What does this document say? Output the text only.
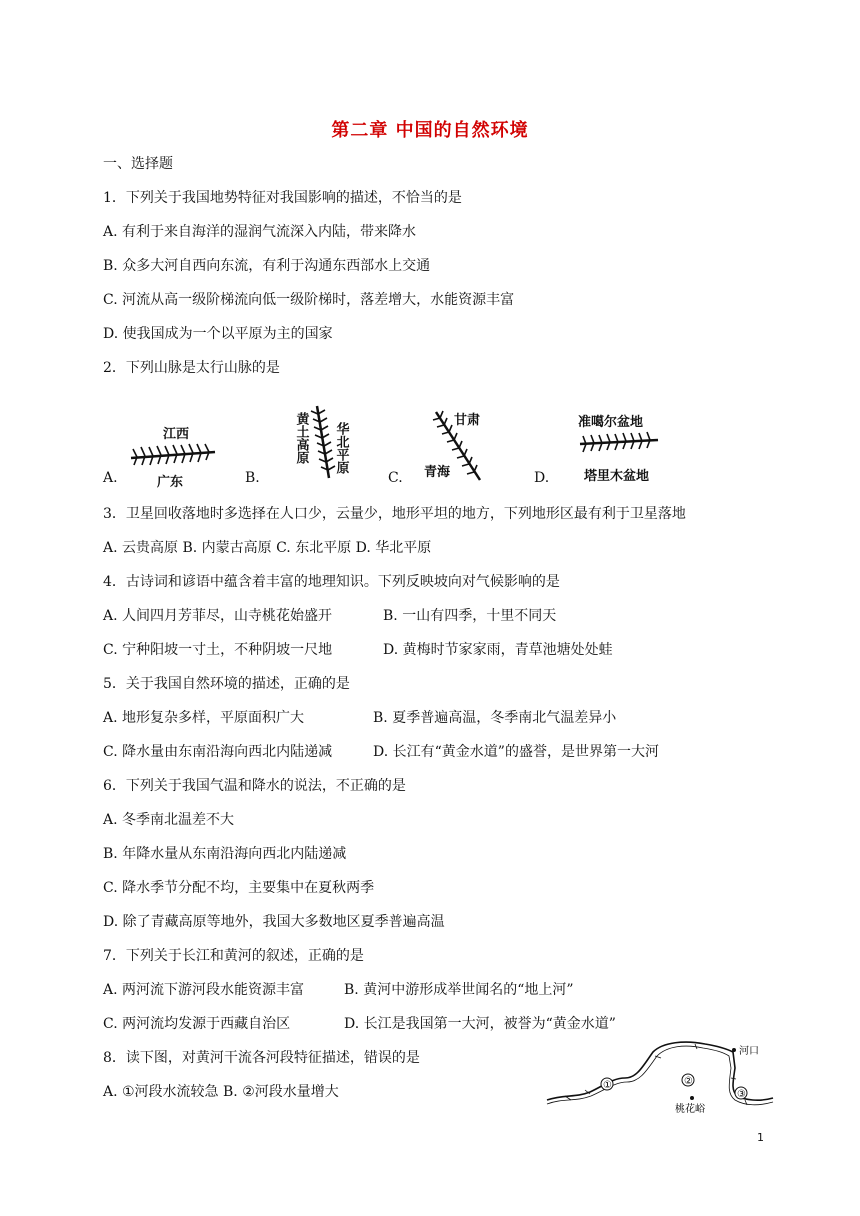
第二章 中国的自然环境
一、选择题
1．下列关于我国地势特征对我国影响的描述，不恰当的是
A. 有利于来自海洋的湿润气流深入内陆，带来降水
B. 众多大河自西向东流，有利于沟通东西部水上交通
C. 河流从高一级阶梯流向低一级阶梯时，落差增大，水能资源丰富
D. 使我国成为一个以平原为主的国家
2．下列山脉是太行山脉的是
A.
江西
广东	B.
黄土高原 华北平原
C.
甘肃
青海	D.
准噶尔盆地
塔里木盆地
3．卫星回收落地时多选择在人口少，云量少，地形平坦的地方，下列地形区最有利于卫星落地
A. 云贵高原 B. 内蒙古高原 C. 东北平原 D. 华北平原
4．古诗词和谚语中蕴含着丰富的地理知识。下列反映坡向对气候影响的是
A. 人间四月芳菲尽，山寺桃花始盛开	B. 一山有四季，十里不同天
C. 宁种阳坡一寸土，不种阴坡一尺地	D. 黄梅时节家家雨，青草池塘处处蛙
5．关于我国自然环境的描述，正确的是
A. 地形复杂多样，平原面积广大	B. 夏季普遍高温，冬季南北气温差异小
C. 降水量由东南沿海向西北内陆递减	D. 长江有“黄金水道”的盛誉，是世界第一大河
6．下列关于我国气温和降水的说法，不正确的是
A. 冬季南北温差不大
B. 年降水量从东南沿海向西北内陆递减
C. 降水季节分配不均，主要集中在夏秋两季
D. 除了青藏高原等地外，我国大多数地区夏季普遍高温
7．下列关于长江和黄河的叙述，正确的是
A. 两河流下游河段水能资源丰富	B. 黄河中游形成举世闻名的“地上河”
C. 两河流均发源于西藏自治区	D. 长江是我国第一大河，被誉为“黄金水道”
8．读下图，对黄河干流各河段特征描述，错误的是
A. ①河段水流较急 B. ②河段水量增大
河口
①	②
③
桃花峪
1
